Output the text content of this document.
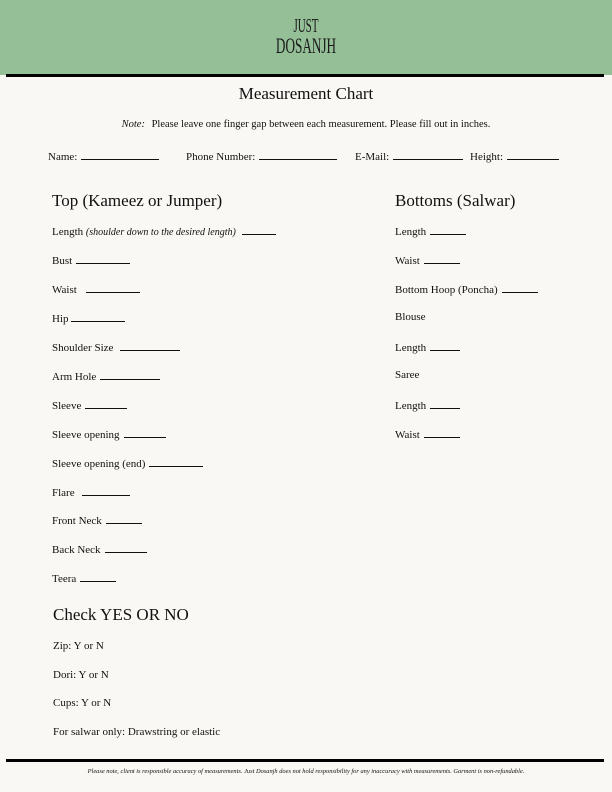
JUST
DOSANJH
Measurement Chart
Note: Please leave one finger gap between each measurement. Please fill out in inches.
Name:	Phone Number:	E-Mail:	Height:
Top (Kameez or Jumper)
Length (shoulder down to the desired length)
Bust
Waist
Hip
Shoulder Size
Arm Hole
Sleeve
Sleeve opening
Sleeve opening (end)
Flare
Front Neck
Back Neck
Teera
Bottoms (Salwar)
Length
Waist
Bottom Hoop (Poncha)
Blouse
Length
Saree
Length
Waist
Check YES OR NO
Zip: Y or N
Dori: Y or N
Cups: Y or N
For salwar only: Drawstring or elastic
Please note, client is responsible accuracy of measurements. Just Dosanjh does not hold responsibility for any inaccuracy with measurements. Garment is non-refundable.
